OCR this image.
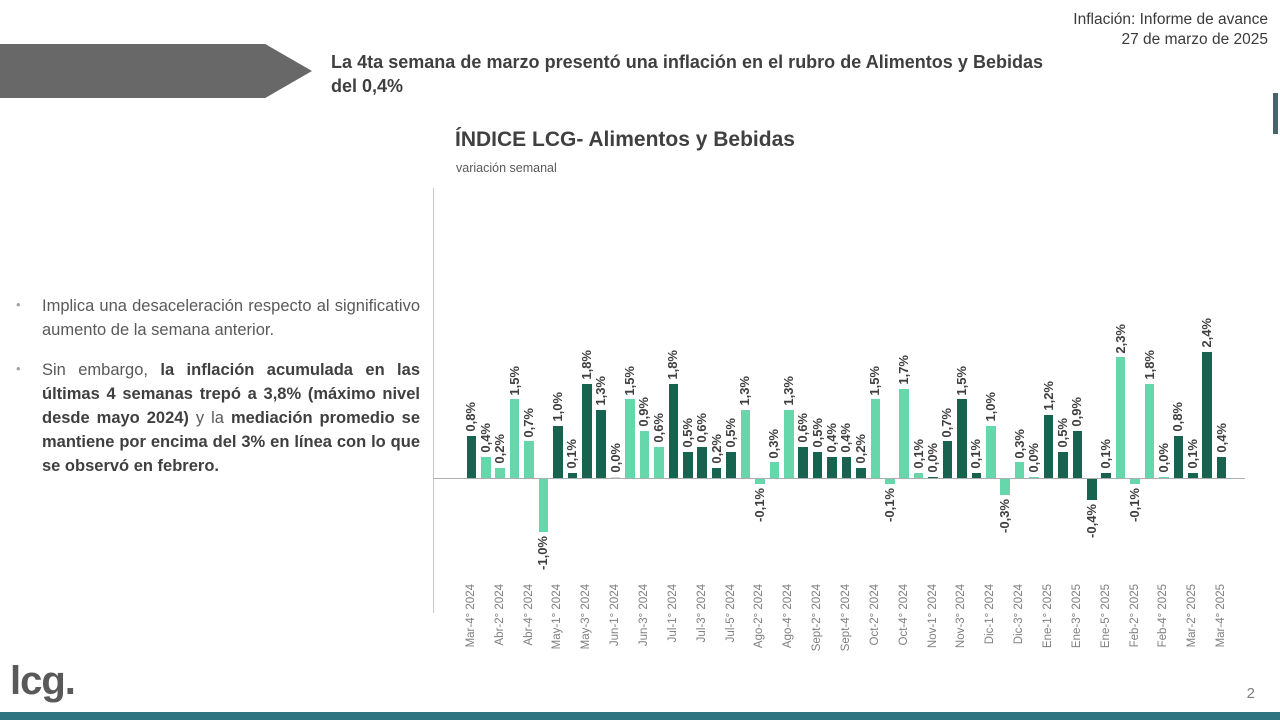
Inflación: Informe de avance
27 de marzo de 2025
La 4ta semana de marzo presentó una inflación en el rubro de Alimentos y Bebidas del 0,4%
•	Implica una desaceleración respecto al significativo aumento de la semana anterior.
•	Sin embargo, la inflación acumulada en las últimas 4 semanas trepó a 3,8% (máximo nivel desde mayo 2024) y la mediación promedio se mantiene por encima del 3% en línea con lo que se observó en febrero.
ÍNDICE LCG- Alimentos y Bebidas
variación semanal
0,8%
Mar-4° 2024
0,4% 0,2%
Abr-2° 2024
1,5%
0,7%
Abr-4° 2024
-1,0%
1,0%
May-1° 2024
0,1%
1,8%
May-3° 2024
1,3%
0,0%
Jun-1° 2024
1,5%
0,9%
Jun-3° 2024
0,6%
1,8%
Jul-1° 2024
0,5% 0,6%
Jul-3° 2024
0,2%
0,5%
Jul-5° 2024
1,3%
-0,1%
Ago-2° 2024
0,3%
1,3%
Ago-4° 2024
0,6% 0,5%
Sept-2° 2024
0,4% 0,4%
Sept-4° 2024
0,2%
1,5%
Oct-2° 2024
-0,1%
1,7%
Oct-4° 2024
0,1% 0,0%
Nov-1° 2024
0,7%
1,5%
Nov-3° 2024
0,1%
1,0%
Dic-1° 2024
-0,3%
0,3%
Dic-3° 2024
0,0%
1,2%
Ene-1° 2025
0,5%
0,9%
Ene-3° 2025
-0,4%
0,1%
Ene-5° 2025
2,3%
-0,1%
Feb-2° 2025
1,8%
0,0%
Feb-4° 2025
0,8%
0,1%
Mar-2° 2025
2,4%
0,4%
Mar-4° 2025
lcg.	2
